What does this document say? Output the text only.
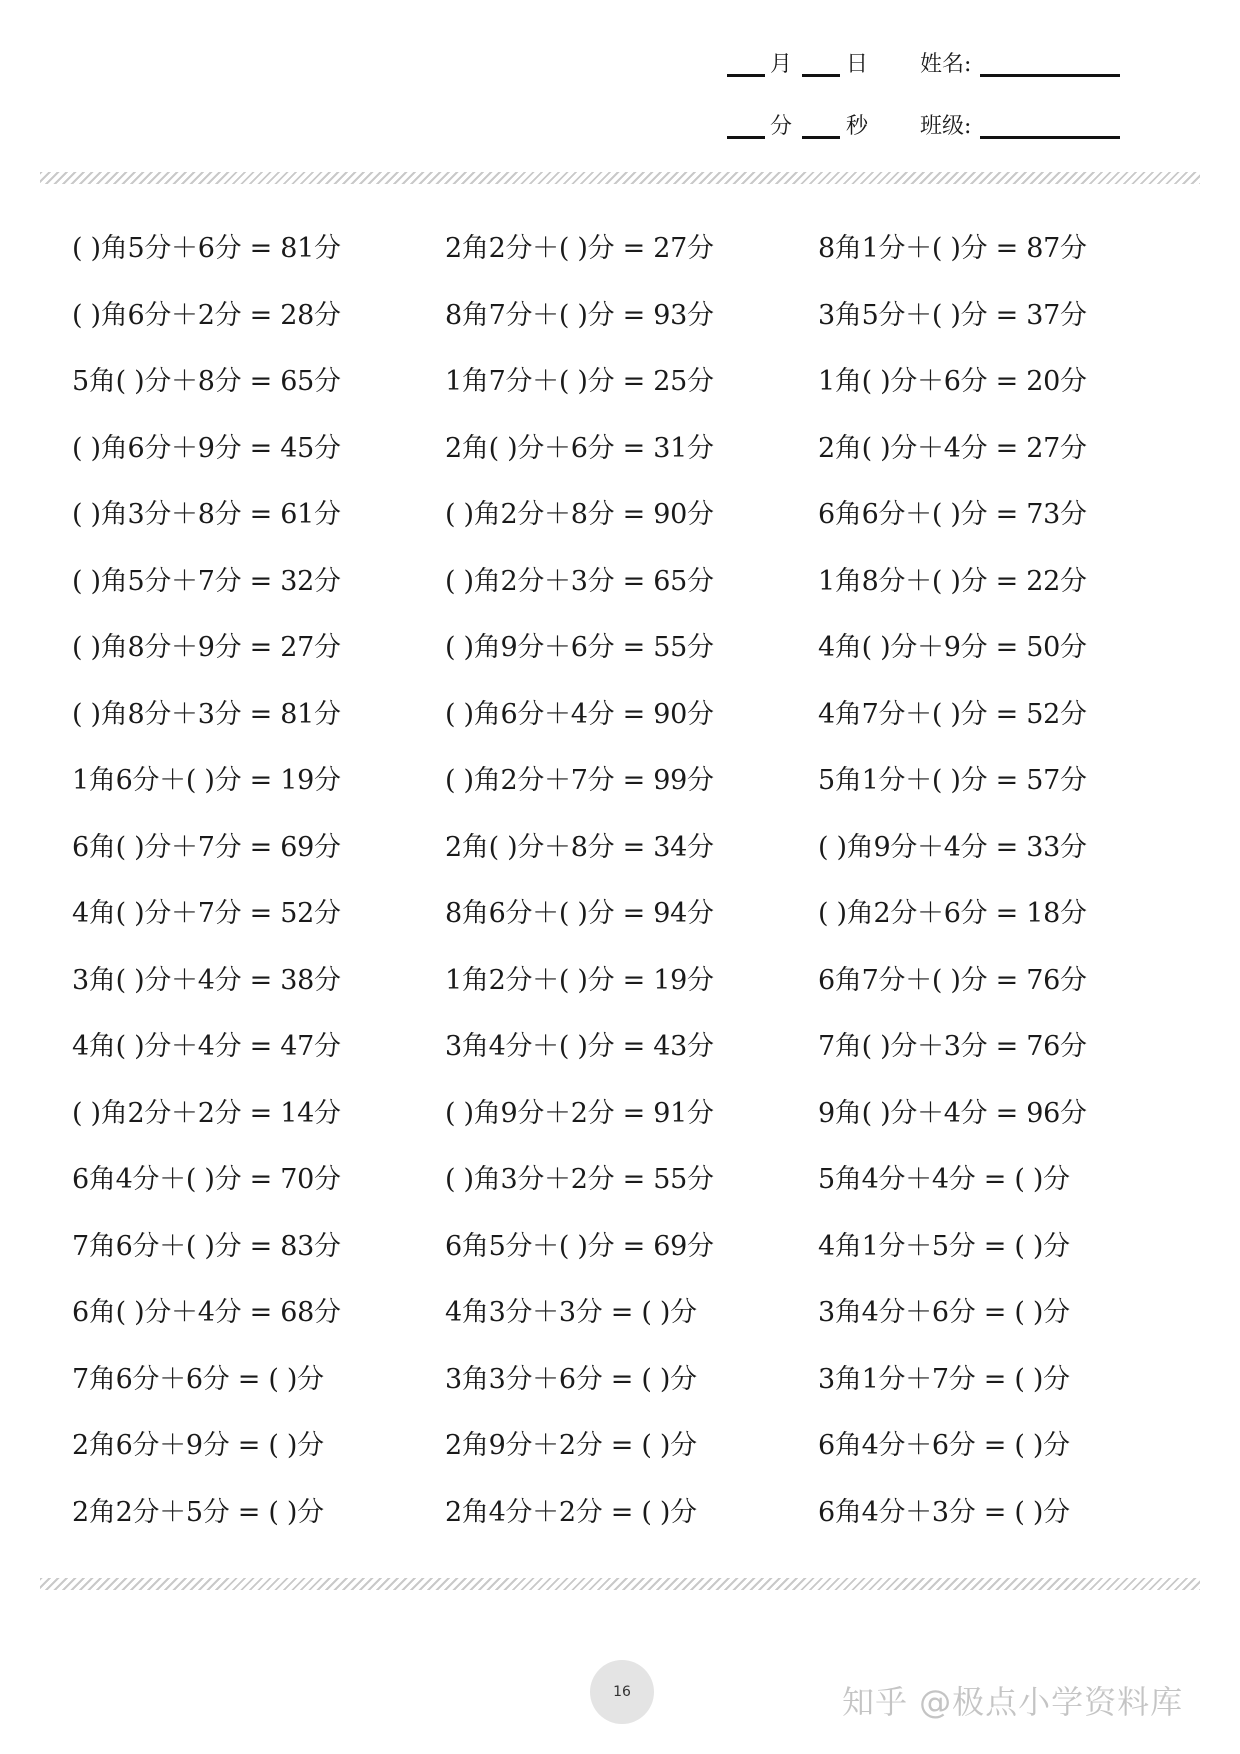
月 日 姓名:
分 秒 班级:
( )角5分＋6分 = 81分	2角2分＋( )分 = 27分	8角1分＋( )分 = 87分
( )角6分＋2分 = 28分	8角7分＋( )分 = 93分	3角5分＋( )分 = 37分
5角( )分＋8分 = 65分	1角7分＋( )分 = 25分	1角( )分＋6分 = 20分
( )角6分＋9分 = 45分	2角( )分＋6分 = 31分	2角( )分＋4分 = 27分
( )角3分＋8分 = 61分	( )角2分＋8分 = 90分	6角6分＋( )分 = 73分
( )角5分＋7分 = 32分	( )角2分＋3分 = 65分	1角8分＋( )分 = 22分
( )角8分＋9分 = 27分	( )角9分＋6分 = 55分	4角( )分＋9分 = 50分
( )角8分＋3分 = 81分	( )角6分＋4分 = 90分	4角7分＋( )分 = 52分
1角6分＋( )分 = 19分	( )角2分＋7分 = 99分	5角1分＋( )分 = 57分
6角( )分＋7分 = 69分	2角( )分＋8分 = 34分	( )角9分＋4分 = 33分
4角( )分＋7分 = 52分	8角6分＋( )分 = 94分	( )角2分＋6分 = 18分
3角( )分＋4分 = 38分	1角2分＋( )分 = 19分	6角7分＋( )分 = 76分
4角( )分＋4分 = 47分	3角4分＋( )分 = 43分	7角( )分＋3分 = 76分
( )角2分＋2分 = 14分	( )角9分＋2分 = 91分	9角( )分＋4分 = 96分
6角4分＋( )分 = 70分	( )角3分＋2分 = 55分	5角4分＋4分 = ( )分
7角6分＋( )分 = 83分	6角5分＋( )分 = 69分	4角1分＋5分 = ( )分
6角( )分＋4分 = 68分	4角3分＋3分 = ( )分	3角4分＋6分 = ( )分
7角6分＋6分 = ( )分	3角3分＋6分 = ( )分	3角1分＋7分 = ( )分
2角6分＋9分 = ( )分	2角9分＋2分 = ( )分	6角4分＋6分 = ( )分
2角2分＋5分 = ( )分	2角4分＋2分 = ( )分	6角4分＋3分 = ( )分
16	知乎 @极点小学资料库
